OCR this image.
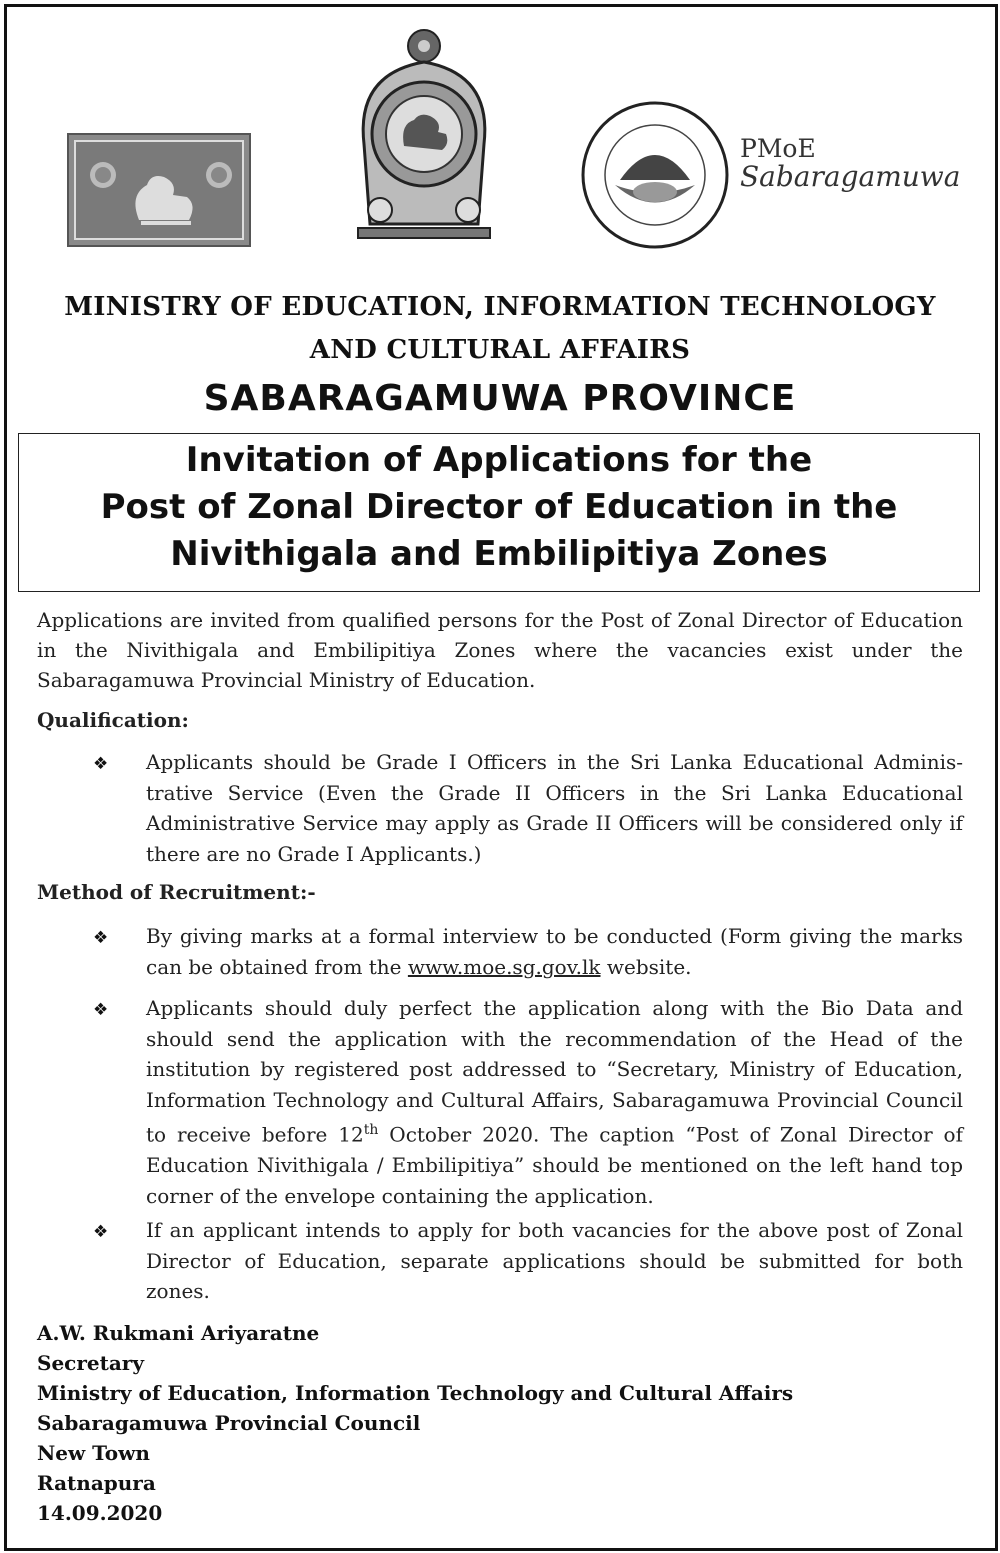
PMoE
Sabaragamuwa
MINISTRY OF EDUCATION, INFORMATION TECHNOLOGY
AND CULTURAL AFFAIRS
SABARAGAMUWA PROVINCE
Invitation of Applications for the
Post of Zonal Director of Education in the
Nivithigala and Embilipitiya Zones
Applications are invited from qualified persons for the Post of Zonal Director of Education in the Nivithigala and Embilipitiya Zones where the vacancies exist under the Sabaragamuwa Provincial Ministry of Education.
Qualification:
❖ Applicants should be Grade I Officers in the Sri Lanka Educational Adminis-trative Service (Even the Grade II Officers in the Sri Lanka Educational Administrative Service may apply as Grade II Officers will be considered only if there are no Grade I Applicants.)
Method of Recruitment:-
❖ By giving marks at a formal interview to be conducted (Form giving the marks can be obtained from the www.moe.sg.gov.lk website.
❖ Applicants should duly perfect the application along with the Bio Data and should send the application with the recommendation of the Head of the institution by registered post addressed to “Secretary, Ministry of Education, Information Technology and Cultural Affairs, Sabaragamuwa Provincial Council to receive before 12th October 2020. The caption “Post of Zonal Director of Education Nivithigala / Embilipitiya” should be mentioned on the left hand top corner of the envelope containing the application.
❖ If an applicant intends to apply for both vacancies for the above post of Zonal Director of Education, separate applications should be submitted for both zones.
A.W. Rukmani Ariyaratne
Secretary
Ministry of Education, Information Technology and Cultural Affairs
Sabaragamuwa Provincial Council
New Town
Ratnapura
14.09.2020
